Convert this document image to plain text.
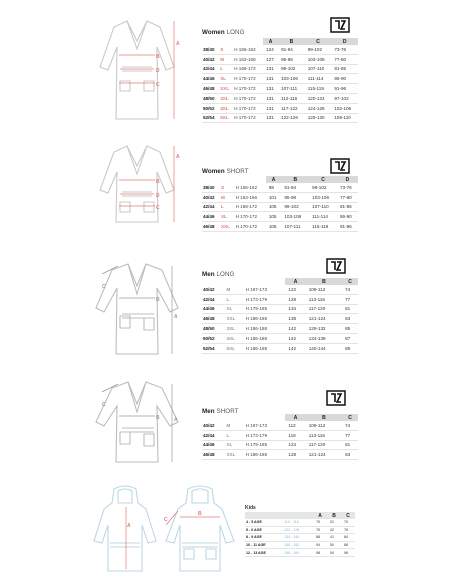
A
B
D
C
Women LONG
			A	B	C	D
38/40	S	H 155-162	124	91-94	99-102	73-76
40/42	M	H 163-166	127	95-98	103-106	77-80
42/44	L	H 168-172	131	99-102	107-110	81-85
44/46	XL	H 170-172	131	103-106	111-114	86-90
46/48	XXL	H 170-172	131	107-111	115-119	91-96
48/50	3XL	H 170-172	131	112-116	120-124	97-102
50/52	4XL	H 170-172	131	117-122	124-128	102-106
52/54	5XL	H 170-172	131	122-126	129-130	106-110
A
B
D
C
Women SHORT
			A	B	C	D
38/40	S	H 155-162	98	91-94	99-102	73-76
40/42	M	H 163-166	101	95-98	103-106	77-80
42/44	L	H 168-172	105	99-102	107-110	81-85
44/46	XL	H 170-172	105	103-106	111-114	86-90
46/48	XXL	H 170-172	105	107-111	115-119	91-96
C
B
A
Men LONG
			A	B	C
40/42	M	H 167-173	122	109-112	74
42/44	L	H 173-179	128	113-116	77
44/46	XL	H 179-185	134	117-120	81
46/48	XXL	H 186-188	138	121-124	83
48/50	3XL	H 186-188	142	129-132	85
50/52	4XL	H 186-188	142	134-138	87
52/54	5XL	H 186-188	142	140-144	89
C
B	A
Men SHORT
			A	B	C
40/42	M	H 167-173	112	109-112	74
42/44	L	H 173-179	118	113-116	77
44/46	XL	H 179-185	124	117-120	81
46/48	XXL	H 186-188	128	121-124	83
A
B
C
Kids
		A	B	C
4 - 5 AGE	110 - 116	70	31	70
5 - 6 AGE	122 - 128	70	42	76
8 - 9 AGE	134 - 140	88	41	84
10 - 11 AGE	146 - 152	94	50	88
12 - 13 AGE	158 - 164	98	54	96
